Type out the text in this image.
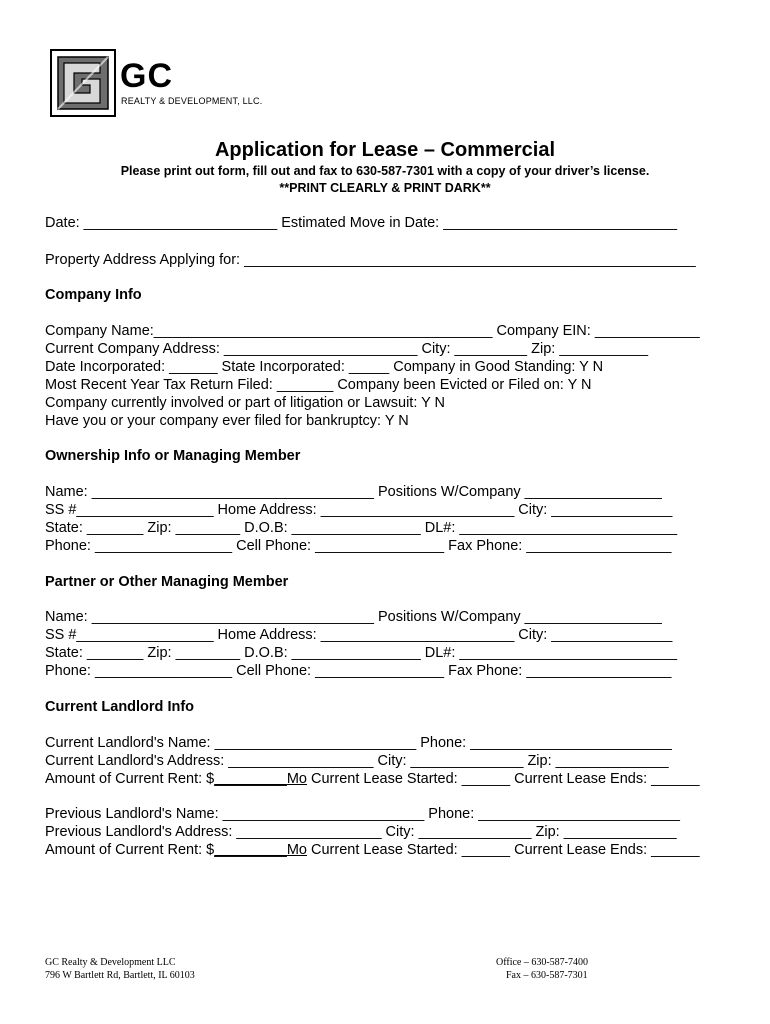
GC
REALTY & DEVELOPMENT, LLC.
Application for Lease – Commercial
Please print out form, fill out and fax to 630-587-7301 with a copy of your driver’s license.
**PRINT CLEARLY & PRINT DARK**
Date: ________________________ Estimated Move in Date: _____________________________
Property Address Applying for: ________________________________________________________
Company Info
Company Name:__________________________________________ Company EIN: _____________
Current Company Address: ________________________ City: _________ Zip: ___________
Date Incorporated: ______ State Incorporated: _____ Company in Good Standing: Y N
Most Recent Year Tax Return Filed: _______ Company been Evicted or Filed on: Y N
Company currently involved or part of litigation or Lawsuit: Y N
Have you or your company ever filed for bankruptcy: Y N
Ownership Info or Managing Member
Name: ___________________________________ Positions W/Company _________________
SS #_________________ Home Address: ________________________ City: _______________
State: _______ Zip: ________ D.O.B: ________________ DL#: ___________________________
Phone: _________________ Cell Phone: ________________ Fax Phone: __________________
Partner or Other Managing Member
Name: ___________________________________ Positions W/Company _________________
SS #_________________ Home Address: ________________________ City: _______________
State: _______ Zip: ________ D.O.B: ________________ DL#: ___________________________
Phone: _________________ Cell Phone: ________________ Fax Phone: __________________
Current Landlord Info
Current Landlord's Name: _________________________ Phone: _________________________
Current Landlord's Address: __________________ City: ______________ Zip: ______________
Amount of Current Rent: $_________Mo Current Lease Started: ______ Current Lease Ends: ______
Previous Landlord's Name: _________________________ Phone: _________________________
Previous Landlord's Address: __________________ City: ______________ Zip: ______________
Amount of Current Rent: $_________Mo Current Lease Started: ______ Current Lease Ends: ______
GC Realty & Development LLC
796 W Bartlett Rd, Bartlett, IL 60103
Office – 630-587-7400
Fax – 630-587-7301
